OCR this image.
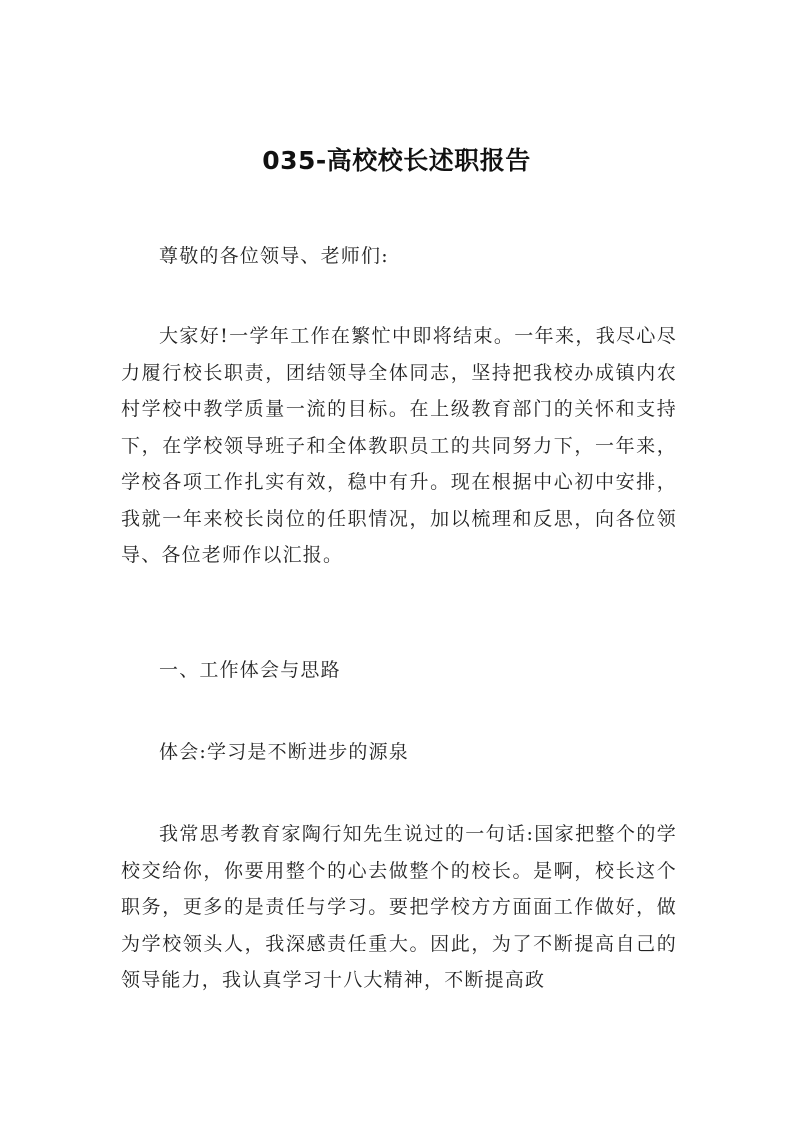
035-高校校长述职报告

尊敬的各位领导、老师们:

大家好!一学年工作在繁忙中即将结束。一年来，我尽心尽力履行校长职责，团结领导全体同志，坚持把我校办成镇内农村学校中教学质量一流的目标。在上级教育部门的关怀和支持下，在学校领导班子和全体教职员工的共同努力下，一年来，学校各项工作扎实有效，稳中有升。现在根据中心初中安排，我就一年来校长岗位的任职情况，加以梳理和反思，向各位领导、各位老师作以汇报。

一、工作体会与思路

体会:学习是不断进步的源泉

我常思考教育家陶行知先生说过的一句话:国家把整个的学校交给你，你要用整个的心去做整个的校长。是啊，校长这个职务，更多的是责任与学习。要把学校方方面面工作做好，做为学校领头人，我深感责任重大。因此，为了不断提高自己的领导能力，我认真学习十八大精神，不断提高政
